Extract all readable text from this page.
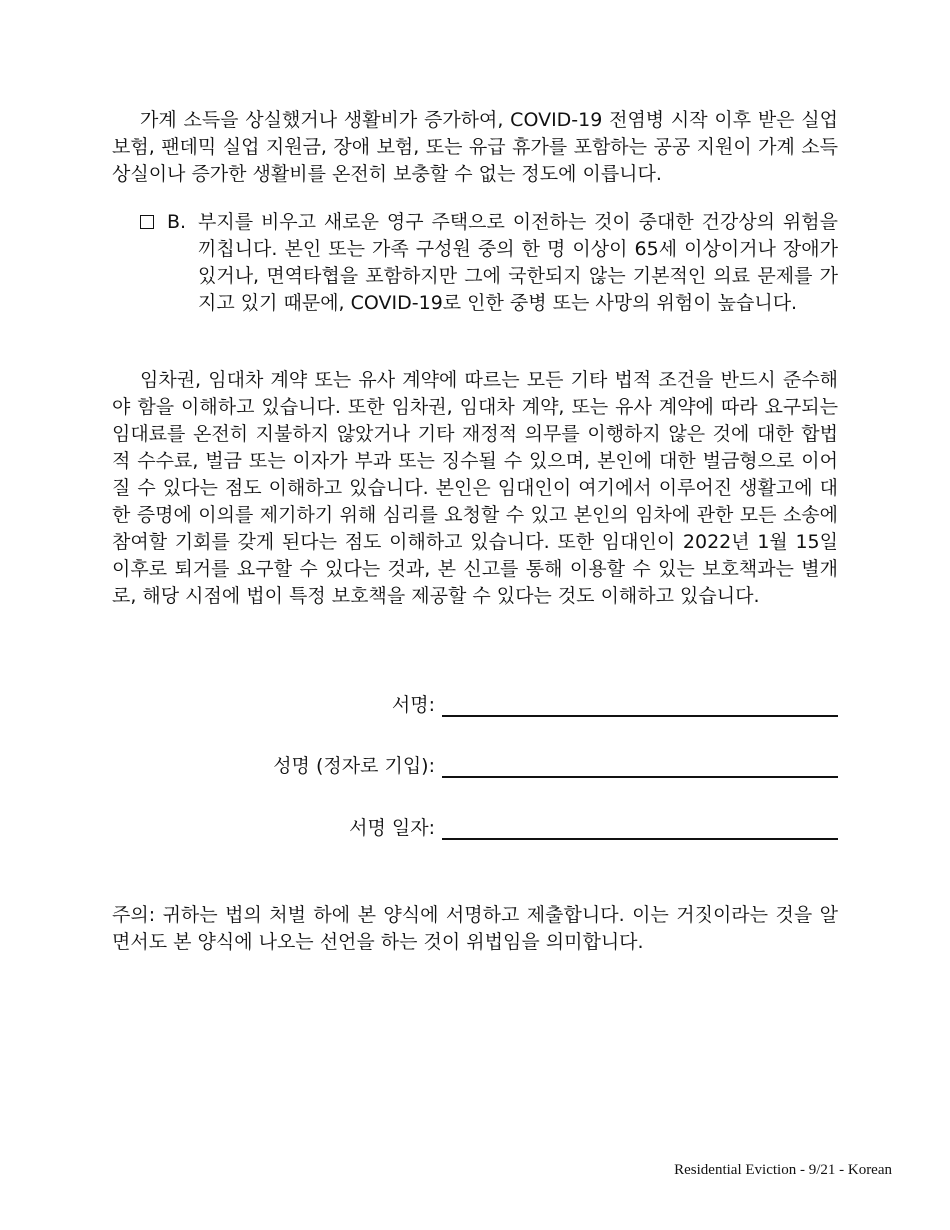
가계 소득을 상실했거나 생활비가 증가하여, COVID-19 전염병 시작 이후 받은 실업 보험, 팬데믹 실업 지원금, 장애 보험, 또는 유급 휴가를 포함하는 공공 지원이 가계 소득 상실이나 증가한 생활비를 온전히 보충할 수 없는 정도에 이릅니다.

B. 부지를 비우고 새로운 영구 주택으로 이전하는 것이 중대한 건강상의 위험을 끼칩니다. 본인 또는 가족 구성원 중의 한 명 이상이 65세 이상이거나 장애가 있거나, 면역타협을 포함하지만 그에 국한되지 않는 기본적인 의료 문제를 가지고 있기 때문에, COVID-19로 인한 중병 또는 사망의 위험이 높습니다.

임차권, 임대차 계약 또는 유사 계약에 따르는 모든 기타 법적 조건을 반드시 준수해야 함을 이해하고 있습니다. 또한 임차권, 임대차 계약, 또는 유사 계약에 따라 요구되는 임대료를 온전히 지불하지 않았거나 기타 재정적 의무를 이행하지 않은 것에 대한 합법적 수수료, 벌금 또는 이자가 부과 또는 징수될 수 있으며, 본인에 대한 벌금형으로 이어질 수 있다는 점도 이해하고 있습니다. 본인은 임대인이 여기에서 이루어진 생활고에 대한 증명에 이의를 제기하기 위해 심리를 요청할 수 있고 본인의 임차에 관한 모든 소송에 참여할 기회를 갖게 된다는 점도 이해하고 있습니다. 또한 임대인이 2022년 1월 15일 이후로 퇴거를 요구할 수 있다는 것과, 본 신고를 통해 이용할 수 있는 보호책과는 별개로, 해당 시점에 법이 특정 보호책을 제공할 수 있다는 것도 이해하고 있습니다.

서명:
성명 (정자로 기입):
서명 일자:

주의: 귀하는 법의 처벌 하에 본 양식에 서명하고 제출합니다. 이는 거짓이라는 것을 알면서도 본 양식에 나오는 선언을 하는 것이 위법임을 의미합니다.

Residential Eviction - 9/21 - Korean
